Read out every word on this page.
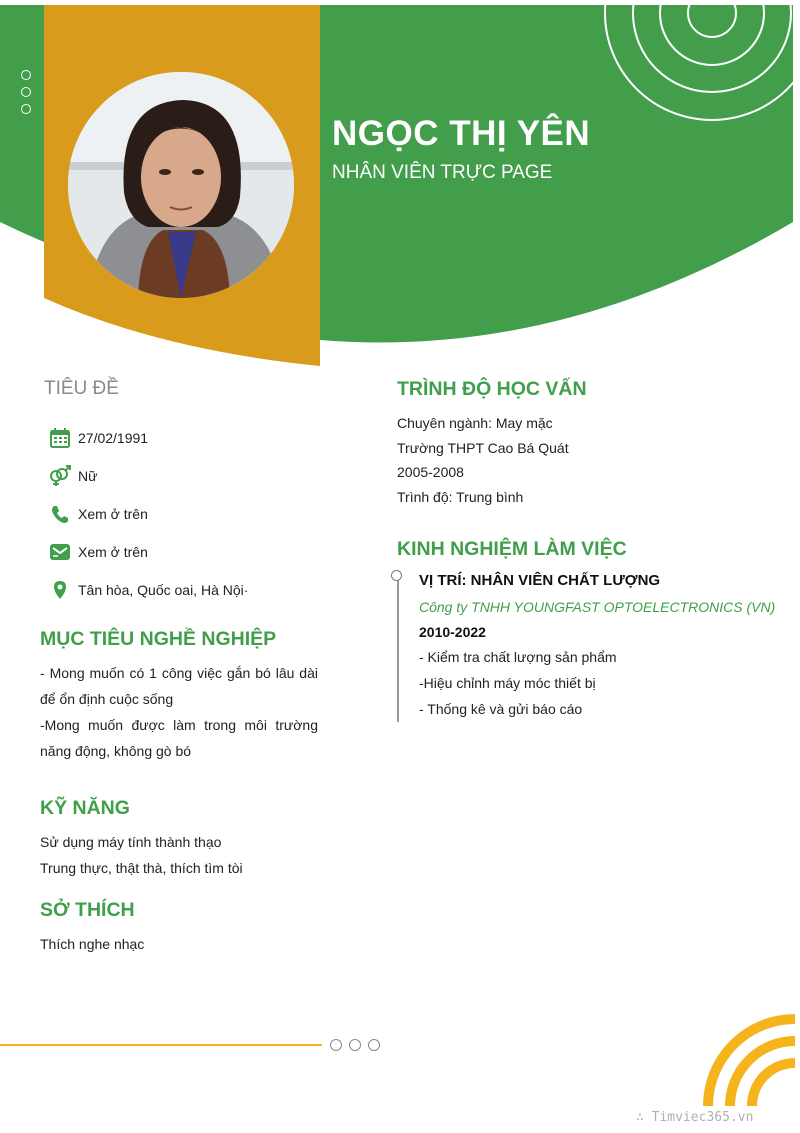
NGỌC THỊ YÊN
NHÂN VIÊN TRỰC PAGE
TIÊU ĐỀ
27/02/1991
Nữ
Xem ở trên
Xem ở trên
Tân hòa, Quốc oai, Hà Nội·
MỤC TIÊU NGHỀ NGHIỆP
- Mong muốn có 1 công việc gắn bó lâu dài để ổn định cuộc sống
-Mong muốn được làm trong môi trường năng động, không gò bó
KỸ NĂNG
Sử dụng máy tính thành thạo
Trung thực, thật thà, thích tìm tòi
SỞ THÍCH
Thích nghe nhạc
TRÌNH ĐỘ HỌC VẤN
Chuyên ngành: May mặc
Trường THPT Cao Bá Quát
2005-2008
Trình độ: Trung bình
KINH NGHIỆM LÀM VIỆC
VỊ TRÍ: NHÂN VIÊN CHẤT LƯỢNG
Công ty TNHH YOUNGFAST OPTOELECTRONICS (VN)
2010-2022
- Kiểm tra chất lượng sản phẩm
-Hiệu chỉnh máy móc thiết bị
- Thống kê và gửi báo cáo
∴ Timviec365.vn
